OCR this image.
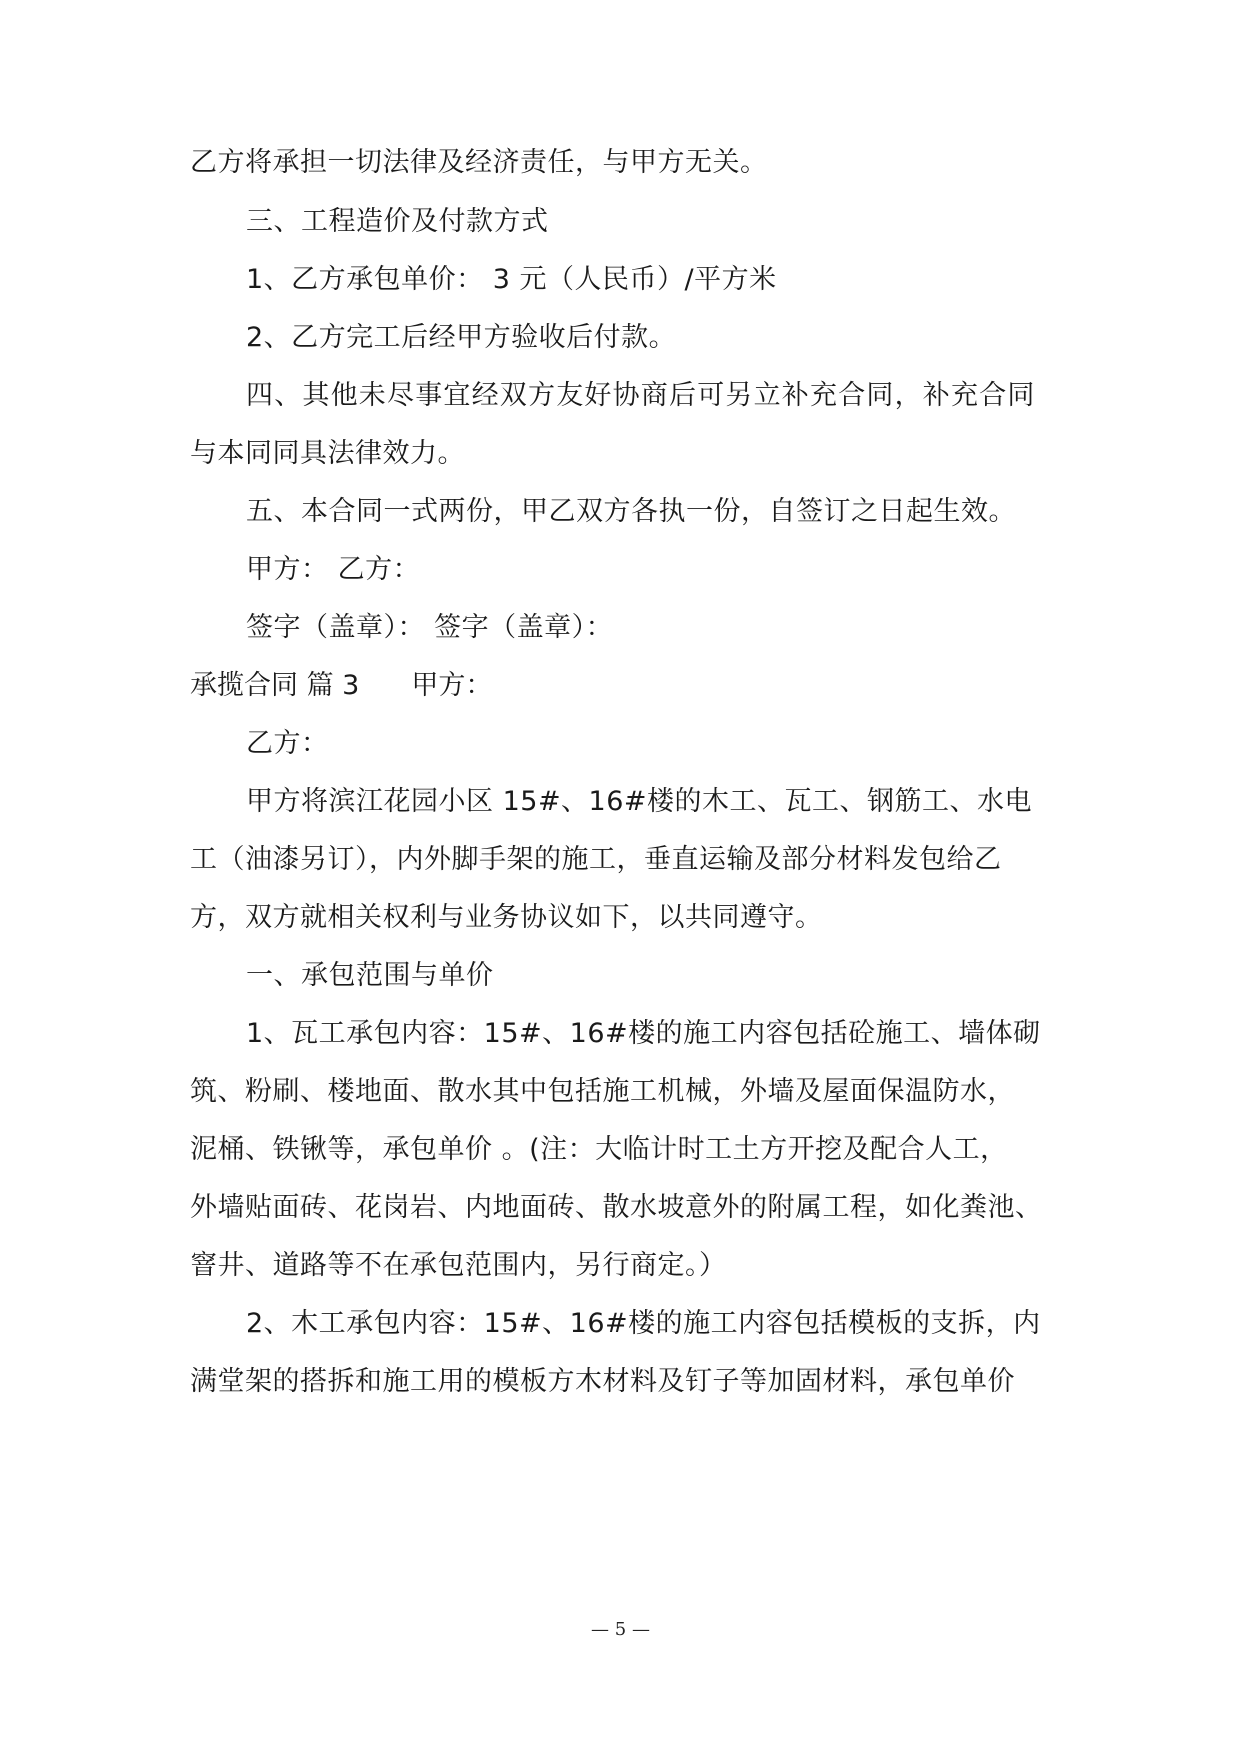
乙方将承担一切法律及经济责任，与甲方无关。
三、工程造价及付款方式
1、乙方承包单价： 3 元（人民币）/平方米
2、乙方完工后经甲方验收后付款。
四、其他未尽事宜经双方友好协商后可另立补充合同，补充合同
与本同同具法律效力。
五、本合同一式两份，甲乙双方各执一份，自签订之日起生效。
甲方： 乙方：
签字（盖章）： 签字（盖章）：
承揽合同 篇 3 甲方：
乙方：
甲方将滨江花园小区 15#、16#楼的木工、瓦工、钢筋工、水电
工（油漆另订），内外脚手架的施工，垂直运输及部分材料发包给乙
方，双方就相关权利与业务协议如下，以共同遵守。
一、承包范围与单价
1、瓦工承包内容：15#、16#楼的施工内容包括砼施工、墙体砌
筑、粉刷、楼地面、散水其中包括施工机械，外墙及屋面保温防水，
泥桶、铁锹等，承包单价 。(注：大临计时工土方开挖及配合人工，
外墙贴面砖、花岗岩、内地面砖、散水坡意外的附属工程，如化粪池、
窨井、道路等不在承包范围内，另行商定。）
2、木工承包内容：15#、16#楼的施工内容包括模板的支拆，内
满堂架的搭拆和施工用的模板方木材料及钉子等加固材料，承包单价
— 5 —
